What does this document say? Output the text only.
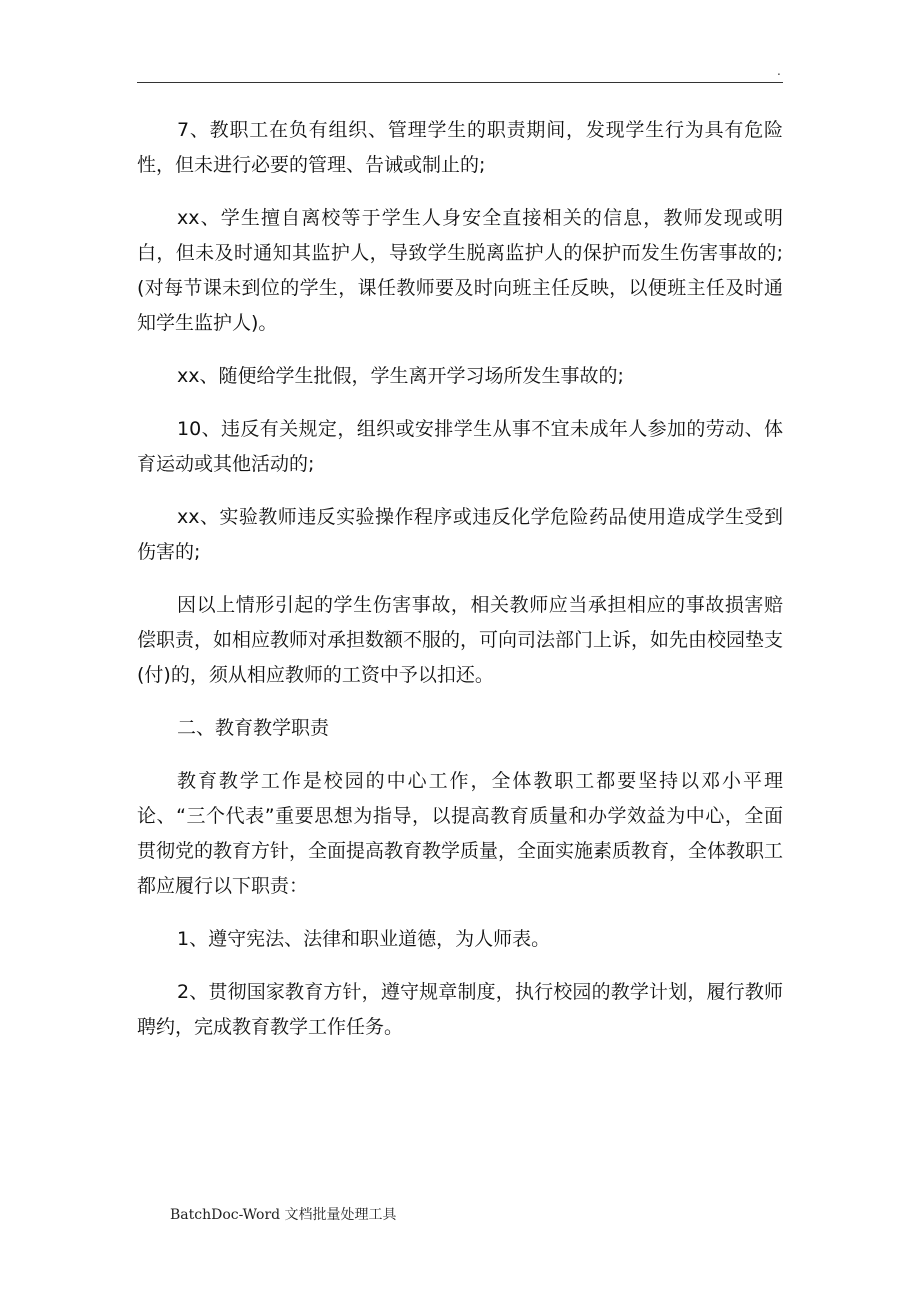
.

7、教职工在负有组织、管理学生的职责期间，发现学生行为具有危险性，但未进行必要的管理、告诫或制止的;

xx、学生擅自离校等于学生人身安全直接相关的信息，教师发现或明白，但未及时通知其监护人，导致学生脱离监护人的保护而发生伤害事故的;(对每节课未到位的学生，课任教师要及时向班主任反映，以便班主任及时通知学生监护人)。

xx、随便给学生批假，学生离开学习场所发生事故的;

10、违反有关规定，组织或安排学生从事不宜未成年人参加的劳动、体育运动或其他活动的;

xx、实验教师违反实验操作程序或违反化学危险药品使用造成学生受到伤害的;

因以上情形引起的学生伤害事故，相关教师应当承担相应的事故损害赔偿职责，如相应教师对承担数额不服的，可向司法部门上诉，如先由校园垫支(付)的，须从相应教师的工资中予以扣还。

二、教育教学职责

教育教学工作是校园的中心工作，全体教职工都要坚持以邓小平理论、“三个代表”重要思想为指导，以提高教育质量和办学效益为中心，全面贯彻党的教育方针，全面提高教育教学质量，全面实施素质教育，全体教职工都应履行以下职责：

1、遵守宪法、法律和职业道德，为人师表。

2、贯彻国家教育方针，遵守规章制度，执行校园的教学计划，履行教师聘约，完成教育教学工作任务。

BatchDoc-Word 文档批量处理工具
